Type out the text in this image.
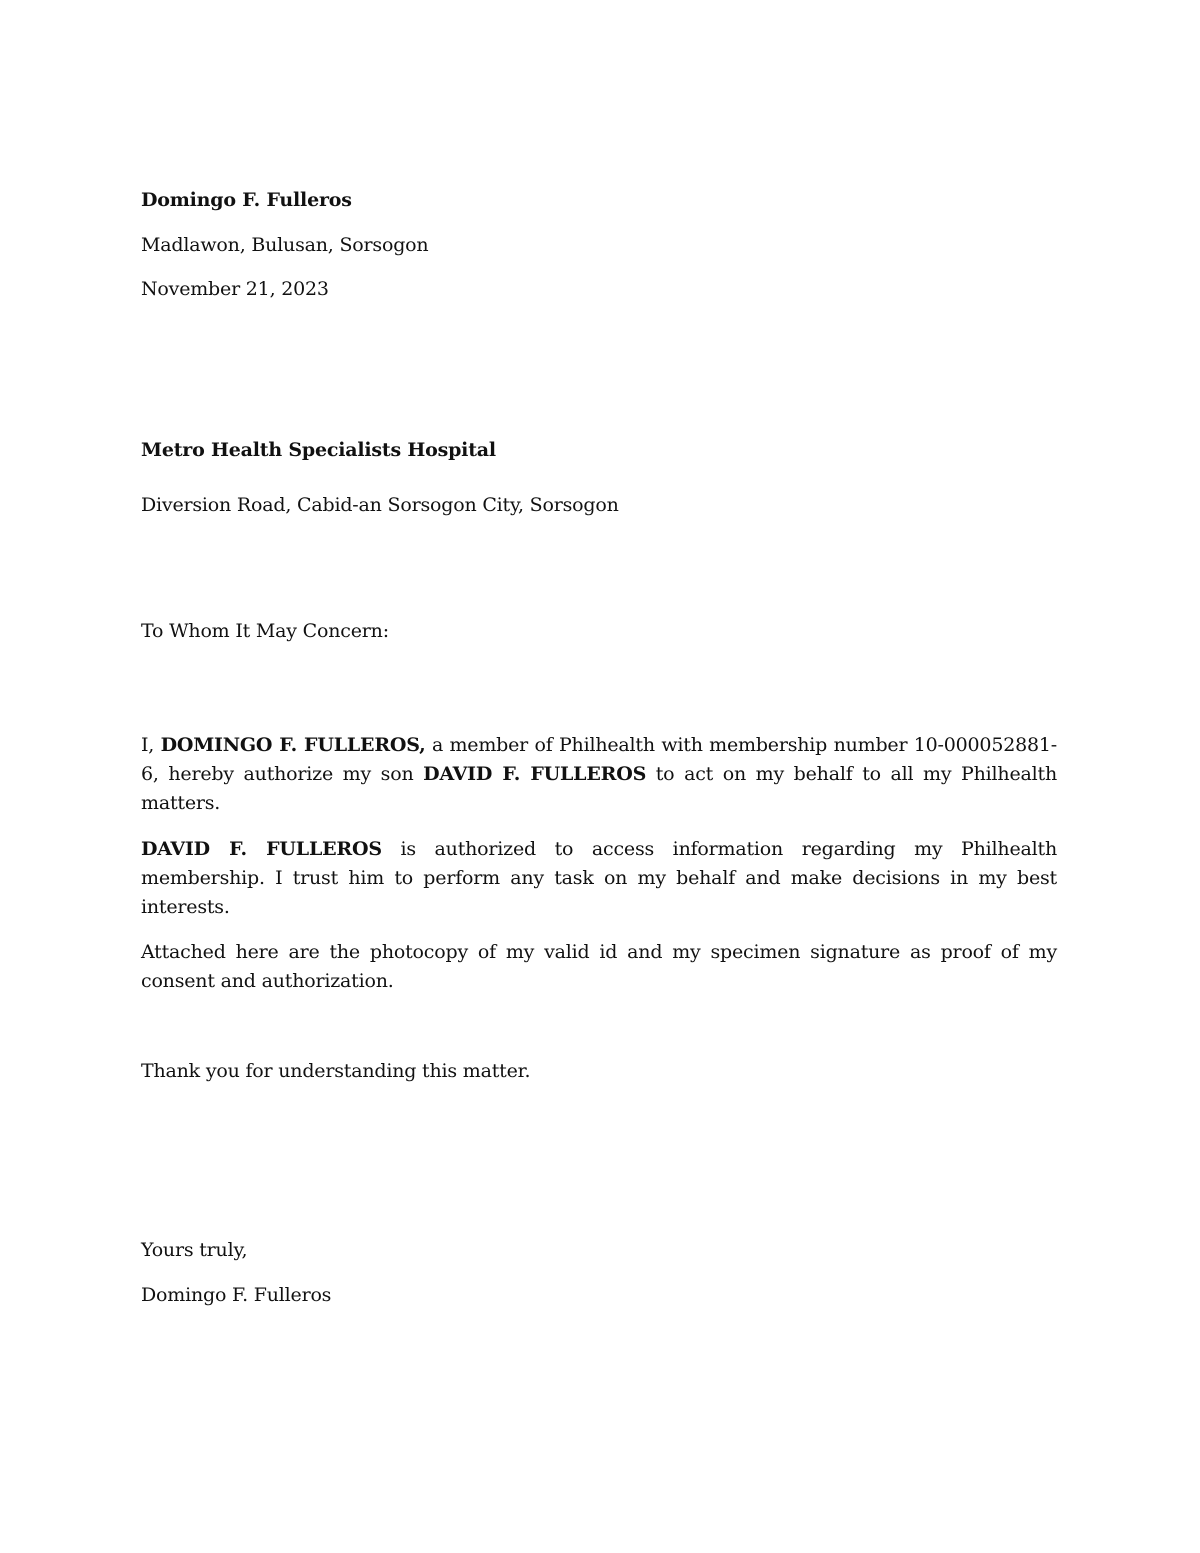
Domingo F. Fulleros
Madlawon, Bulusan, Sorsogon
November 21, 2023
Metro Health Specialists Hospital
Diversion Road, Cabid-an Sorsogon City, Sorsogon
To Whom It May Concern:
I, DOMINGO F. FULLEROS, a member of Philhealth with membership number 10-000052881-6, hereby authorize my son DAVID F. FULLEROS to act on my behalf to all my Philhealth matters.
DAVID F. FULLEROS is authorized to access information regarding my Philhealth membership. I trust him to perform any task on my behalf and make decisions in my best interests.
Attached here are the photocopy of my valid id and my specimen signature as proof of my consent and authorization.
Thank you for understanding this matter.
Yours truly,
Domingo F. Fulleros
